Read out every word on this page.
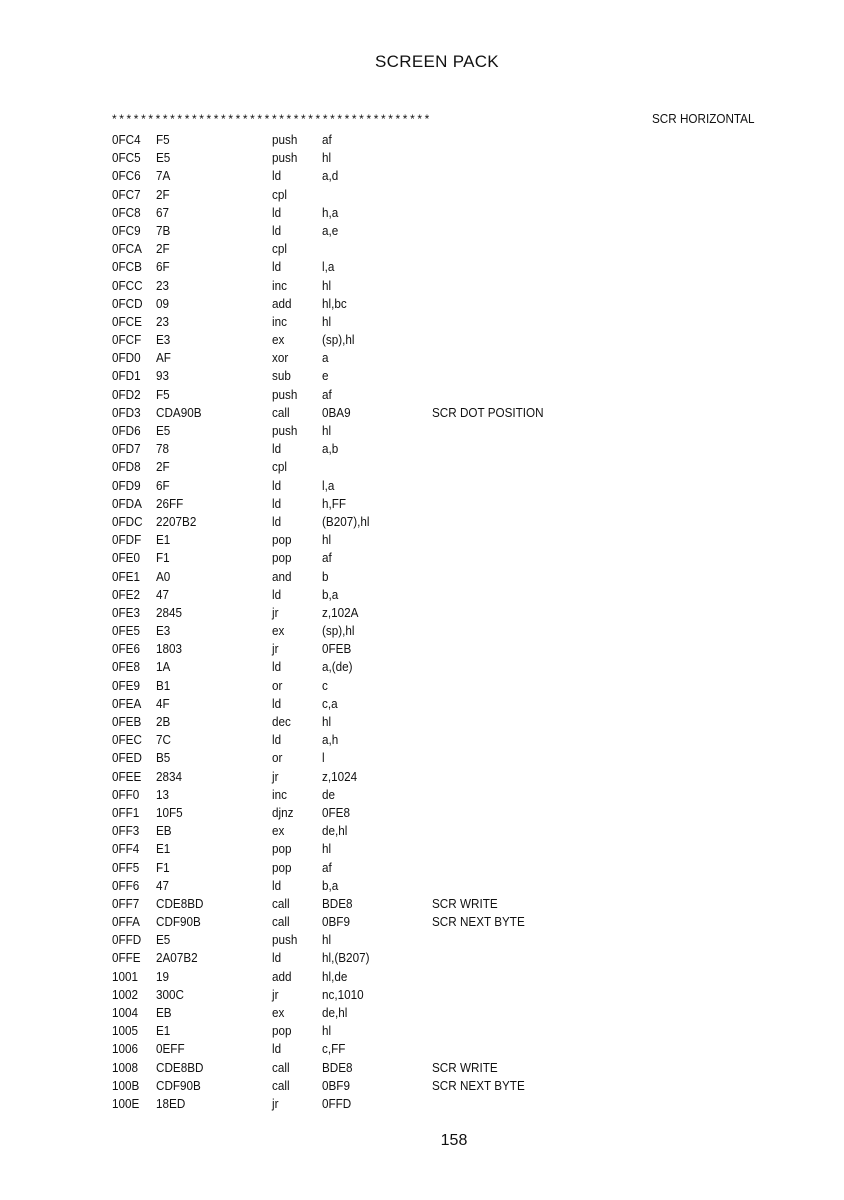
SCREEN PACK
********************************************	SCR HORIZONTAL
0FC4 F5	push af
0FC5 E5	push hl
0FC6 7A	ld	a,d
0FC7 2F	cpl
0FC8 67	ld	h,a
0FC9 7B	ld	a,e
0FCA 2F	cpl
0FCB 6F	ld	l,a
0FCC 23	inc	hl
0FCD 09	add hl,bc
0FCE 23	inc	hl
0FCF E3	ex	(sp),hl
0FD0 AF	xor	a
0FD1 93	sub e
0FD2 F5	push af
0FD3 CDA90B	call 0BA9	SCR DOT POSITION
0FD6 E5	push hl
0FD7 78	ld	a,b
0FD8 2F	cpl
0FD9 6F	ld	l,a
0FDA 26FF	ld	h,FF
0FDC 2207B2	ld	(B207),hl
0FDF E1	pop hl
0FE0 F1	pop af
0FE1 A0	and b
0FE2 47	ld	b,a
0FE3 2845	jr	z,102A
0FE5 E3	ex	(sp),hl
0FE6 1803	jr	0FEB
0FE8 1A	ld	a,(de)
0FE9 B1	or	c
0FEA 4F	ld	c,a
0FEB 2B	dec hl
0FEC 7C	ld	a,h
0FED B5	or	l
0FEE 2834	jr	z,1024
0FF0 13	inc	de
0FF1 10F5	djnz 0FE8
0FF3 EB	ex	de,hl
0FF4 E1	pop hl
0FF5 F1	pop af
0FF6 47	ld	b,a
0FF7 CDE8BD	call BDE8	SCR WRITE
0FFA CDF90B	call 0BF9	SCR NEXT BYTE
0FFD E5	push hl
0FFE 2A07B2	ld	hl,(B207)
1001 19	add hl,de
1002 300C	jr	nc,1010
1004 EB	ex	de,hl
1005 E1	pop hl
1006 0EFF	ld	c,FF
1008 CDE8BD	call BDE8	SCR WRITE
100B CDF90B	call 0BF9	SCR NEXT BYTE
100E 18ED	jr	0FFD
158
